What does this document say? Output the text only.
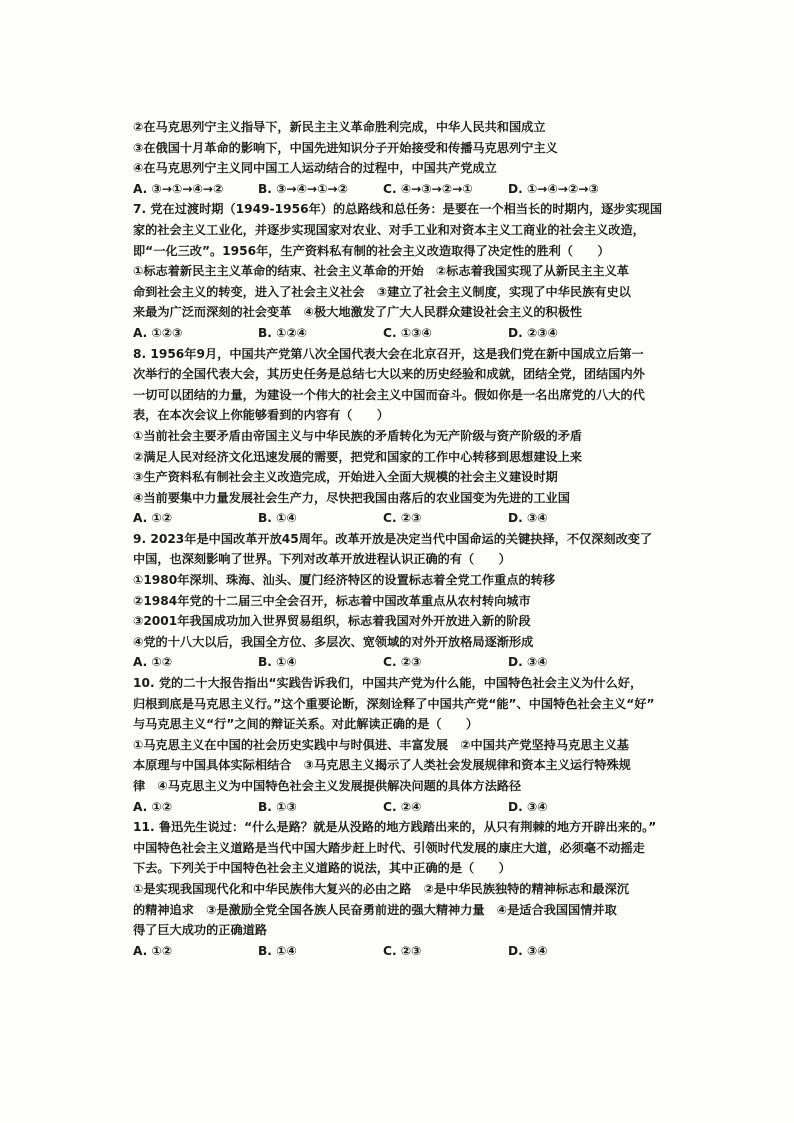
②在马克思列宁主义指导下，新民主主义革命胜利完成，中华人民共和国成立
③在俄国十月革命的影响下，中国先进知识分子开始接受和传播马克思列宁主义
④在马克思列宁主义同中国工人运动结合的过程中，中国共产党成立
A. ③→①→④→②	B. ③→④→①→②	C. ④→③→②→①	D. ①→④→②→③
7. 党在过渡时期（1949-1956年）的总路线和总任务：是要在一个相当长的时期内，逐步实现国
家的社会主义工业化，并逐步实现国家对农业、对手工业和对资本主义工商业的社会主义改造，
即“一化三改”。1956年，生产资料私有制的社会主义改造取得了决定性的胜利（　　）
①标志着新民主主义革命的结束、社会主义革命的开始　②标志着我国实现了从新民主主义革
命到社会主义的转变，进入了社会主义社会　③建立了社会主义制度，实现了中华民族有史以
来最为广泛而深刻的社会变革　④极大地激发了广大人民群众建设社会主义的积极性
A. ①②③	B. ①②④	C. ①③④	D. ②③④
8. 1956年9月，中国共产党第八次全国代表大会在北京召开，这是我们党在新中国成立后第一
次举行的全国代表大会，其历史任务是总结七大以来的历史经验和成就，团结全党，团结国内外
一切可以团结的力量，为建设一个伟大的社会主义中国而奋斗。假如你是一名出席党的八大的代
表，在本次会议上你能够看到的内容有（　　）
①当前社会主要矛盾由帝国主义与中华民族的矛盾转化为无产阶级与资产阶级的矛盾
②满足人民对经济文化迅速发展的需要，把党和国家的工作中心转移到思想建设上来
③生产资料私有制社会主义改造完成，开始进入全面大规模的社会主义建设时期
④当前要集中力量发展社会生产力，尽快把我国由落后的农业国变为先进的工业国
A. ①②	B. ①④	C. ②③	D. ③④
9. 2023年是中国改革开放45周年。改革开放是决定当代中国命运的关键抉择，不仅深刻改变了
中国，也深刻影响了世界。下列对改革开放进程认识正确的有（　　）
①1980年深圳、珠海、汕头、厦门经济特区的设置标志着全党工作重点的转移
②1984年党的十二届三中全会召开，标志着中国改革重点从农村转向城市
③2001年我国成功加入世界贸易组织，标志着我国对外开放进入新的阶段
④党的十八大以后，我国全方位、多层次、宽领域的对外开放格局逐渐形成
A. ①②	B. ①④	C. ②③	D. ③④
10. 党的二十大报告指出“实践告诉我们，中国共产党为什么能，中国特色社会主义为什么好，
归根到底是马克思主义行。”这个重要论断，深刻诠释了中国共产党“能”、中国特色社会主义“好”
与马克思主义“行”之间的辩证关系。对此解读正确的是（　　）
①马克思主义在中国的社会历史实践中与时俱进、丰富发展　②中国共产党坚持马克思主义基
本原理与中国具体实际相结合　③马克思主义揭示了人类社会发展规律和资本主义运行特殊规
律　④马克思主义为中国特色社会主义发展提供解决问题的具体方法路径
A. ①②	B. ①③	C. ②④	D. ③④
11. 鲁迅先生说过：“什么是路？就是从没路的地方践踏出来的，从只有荆棘的地方开辟出来的。”
中国特色社会主义道路是当代中国大踏步赶上时代、引领时代发展的康庄大道，必须毫不动摇走
下去。下列关于中国特色社会主义道路的说法，其中正确的是（　　）
①是实现我国现代化和中华民族伟大复兴的必由之路　②是中华民族独特的精神标志和最深沉
的精神追求　③是激励全党全国各族人民奋勇前进的强大精神力量　④是适合我国国情并取
得了巨大成功的正确道路
A. ①②	B. ①④	C. ②③	D. ③④
